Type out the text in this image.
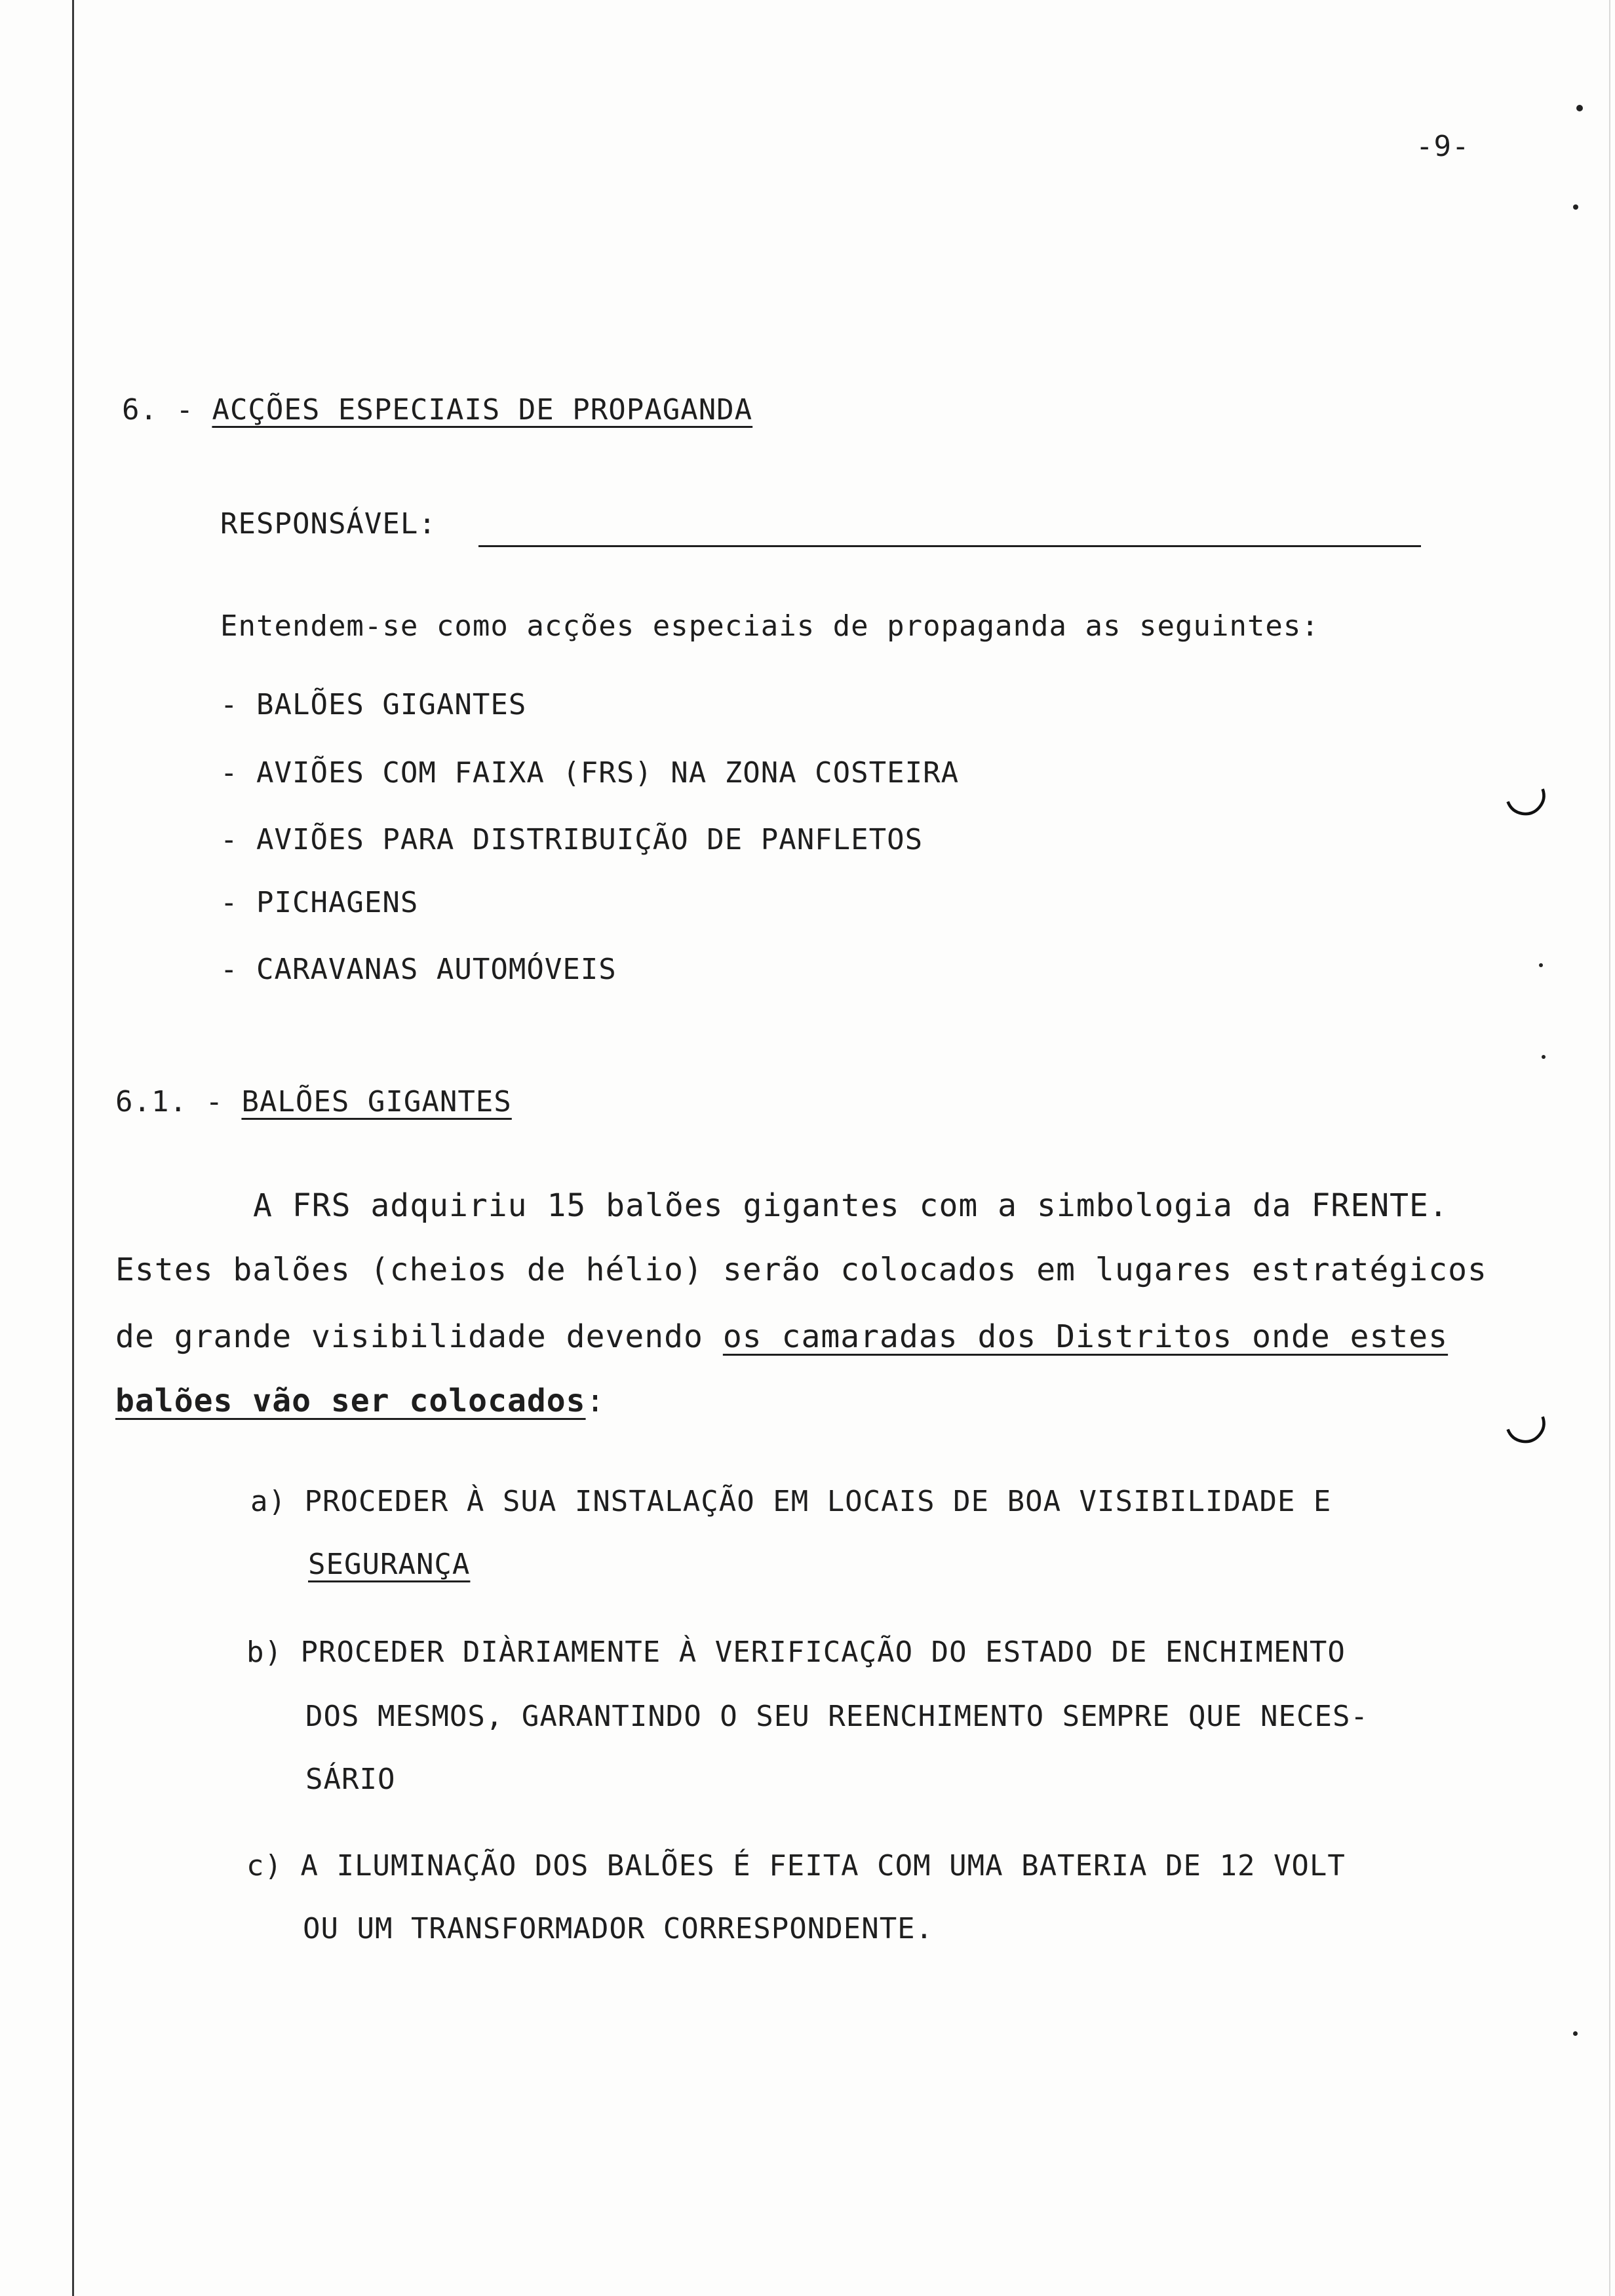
-9-
6. - ACÇÕES ESPECIAIS DE PROPAGANDA
RESPONSÁVEL:
Entendem-se como acções especiais de propaganda as seguintes:
- BALÕES GIGANTES
- AVIÕES COM FAIXA (FRS) NA ZONA COSTEIRA
- AVIÕES PARA DISTRIBUIÇÃO DE PANFLETOS
- PICHAGENS
- CARAVANAS AUTOMÓVEIS
6.1. - BALÕES GIGANTES
A FRS adquiriu 15 balões gigantes com a simbologia da FRENTE.
Estes balões (cheios de hélio) serão colocados em lugares estratégicos
de grande visibilidade devendo os camaradas dos Distritos onde estes
balões vão ser colocados:
a) PROCEDER À SUA INSTALAÇÃO EM LOCAIS DE BOA VISIBILIDADE E
SEGURANÇA
b) PROCEDER DIÀRIAMENTE À VERIFICAÇÃO DO ESTADO DE ENCHIMENTO
DOS MESMOS, GARANTINDO O SEU REENCHIMENTO SEMPRE QUE NECES-
SÁRIO
c) A ILUMINAÇÃO DOS BALÕES É FEITA COM UMA BATERIA DE 12 VOLT
OU UM TRANSFORMADOR CORRESPONDENTE.
◡
◡
